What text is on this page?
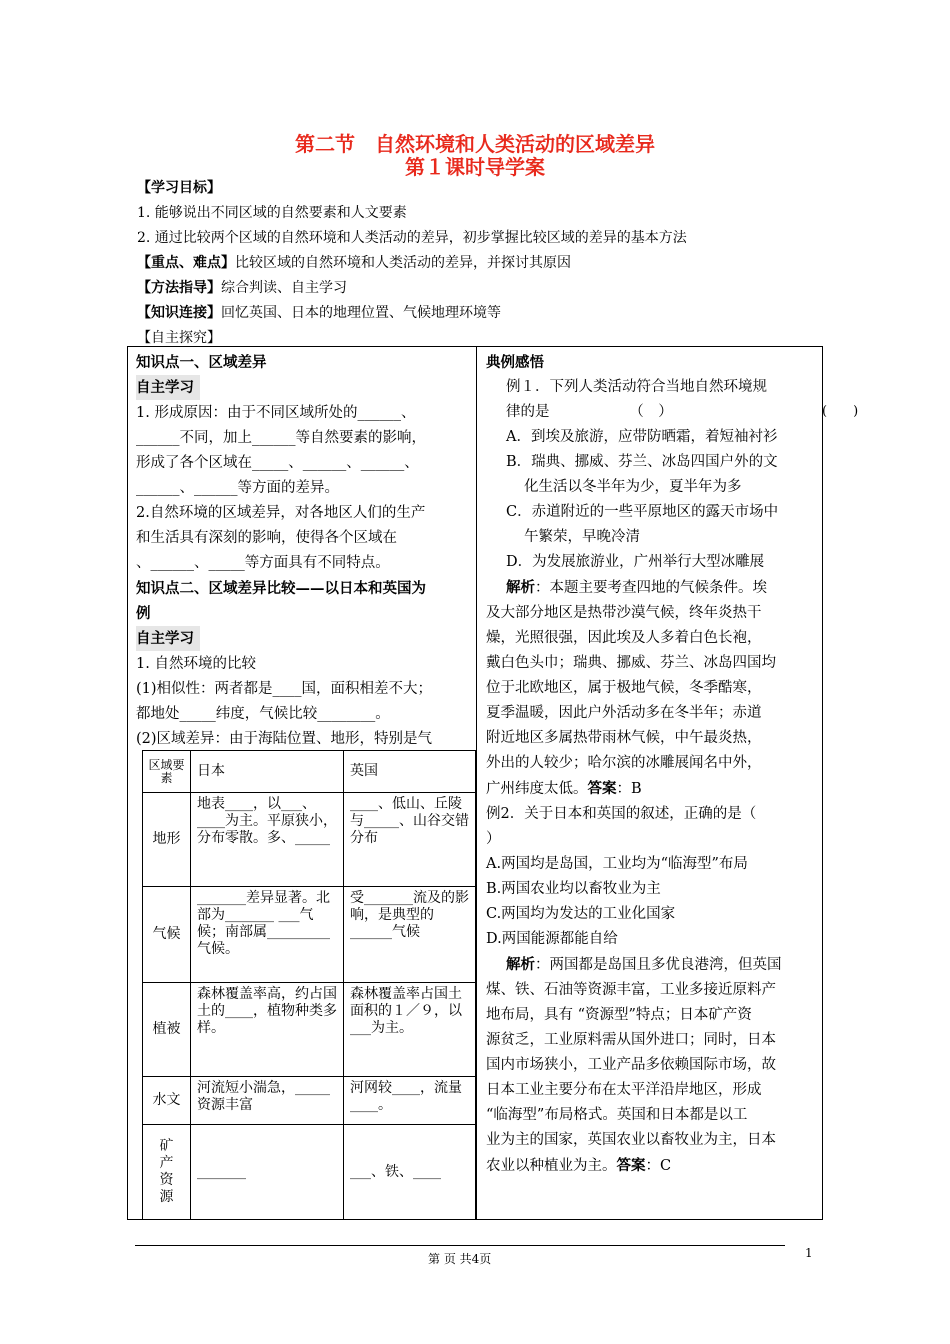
第二节　自然环境和人类活动的区域差异
第１课时导学案
【学习目标】
1. 能够说出不同区域的自然要素和人文要素
2. 通过比较两个区域的自然环境和人类活动的差异，初步掌握比较区域的差异的基本方法
【重点、难点】比较区域的自然环境和人类活动的差异，并探讨其原因
【方法指导】综合判读、自主学习
【知识连接】回忆英国、日本的地理位置、气候地理环境等
【自主探究】

知识点一、区域差异

自主学习

1. 形成原因：由于不同区域所处的______、

______不同，加上______等自然要素的影响，

形成了各个区域在_____、______、______、

______、______等方面的差异。

2.自然环境的区域差异，对各地区人们的生产

和生活具有深刻的影响，使得各个区域在

、______、_____等方面具有不同特点。

知识点二、区域差异比较——以日本和英国为

例

自主学习

1. 自然环境的比较

(1)相似性：两者都是____国，面积相差不大；

都地处_____纬度，气候比较________。

(2)区域差异：由于海陆位置、地形，特别是气

区域要素	日本	英国
地形	地表____，以___、____为主。平原狭小，分布零散。多、_____	____、低山、丘陵与_____、山谷交错分布
气候	_______差异显著。北部为_______ ___气候；南部属_________气候。	受_______流及的影响，是典型的______气候
植被	森林覆盖率高，约占国土的____，植物种类多样。	森林覆盖率占国土面积的１／９，以___为主。
水文	河流短小湍急，_____资源丰富	河网较____，流量____。
矿产资源	_______	___、铁、____

典例感悟

例１．下列人类活动符合当地自然环境规

律的是　　　　　　（　）

A．到埃及旅游，应带防晒霜，着短袖衬衫

B．瑞典、挪威、芬兰、冰岛四国户外的文

化生活以冬半年为少，夏半年为多

C．赤道附近的一些平原地区的露天市场中

午繁荣，早晚冷清

D．为发展旅游业，广州举行大型冰雕展

解析：本题主要考查四地的气候条件。埃

及大部分地区是热带沙漠气候，终年炎热干

燥，光照很强，因此埃及人多着白色长袍，

戴白色头巾；瑞典、挪威、芬兰、冰岛四国均

位于北欧地区，属于极地气候，冬季酷寒，

夏季温暖，因此户外活动多在冬半年；赤道

附近地区多属热带雨林气候，中午最炎热，

外出的人较少；哈尔滨的冰雕展闻名中外，

广州纬度太低。答案：B

例2．关于日本和英国的叙述，正确的是（

）

A.两国均是岛国，工业均为“临海型”布局

B.两国农业均以畜牧业为主

C.两国均为发达的工业化国家

D.两国能源都能自给

解析：两国都是岛国且多优良港湾，但英国

煤、铁、石油等资源丰富，工业多接近原料产

地布局，具有 “资源型”特点；日本矿产资

源贫乏，工业原料需从国外进口；同时，日本

国内市场狭小，工业产品多依赖国际市场，故

日本工业主要分布在太平洋沿岸地区，形成

“临海型”布局格式。英国和日本都是以工

业为主的国家，英国农业以畜牧业为主，日本

农业以种植业为主。答案：C

(　　)
第 页 共4页	1
